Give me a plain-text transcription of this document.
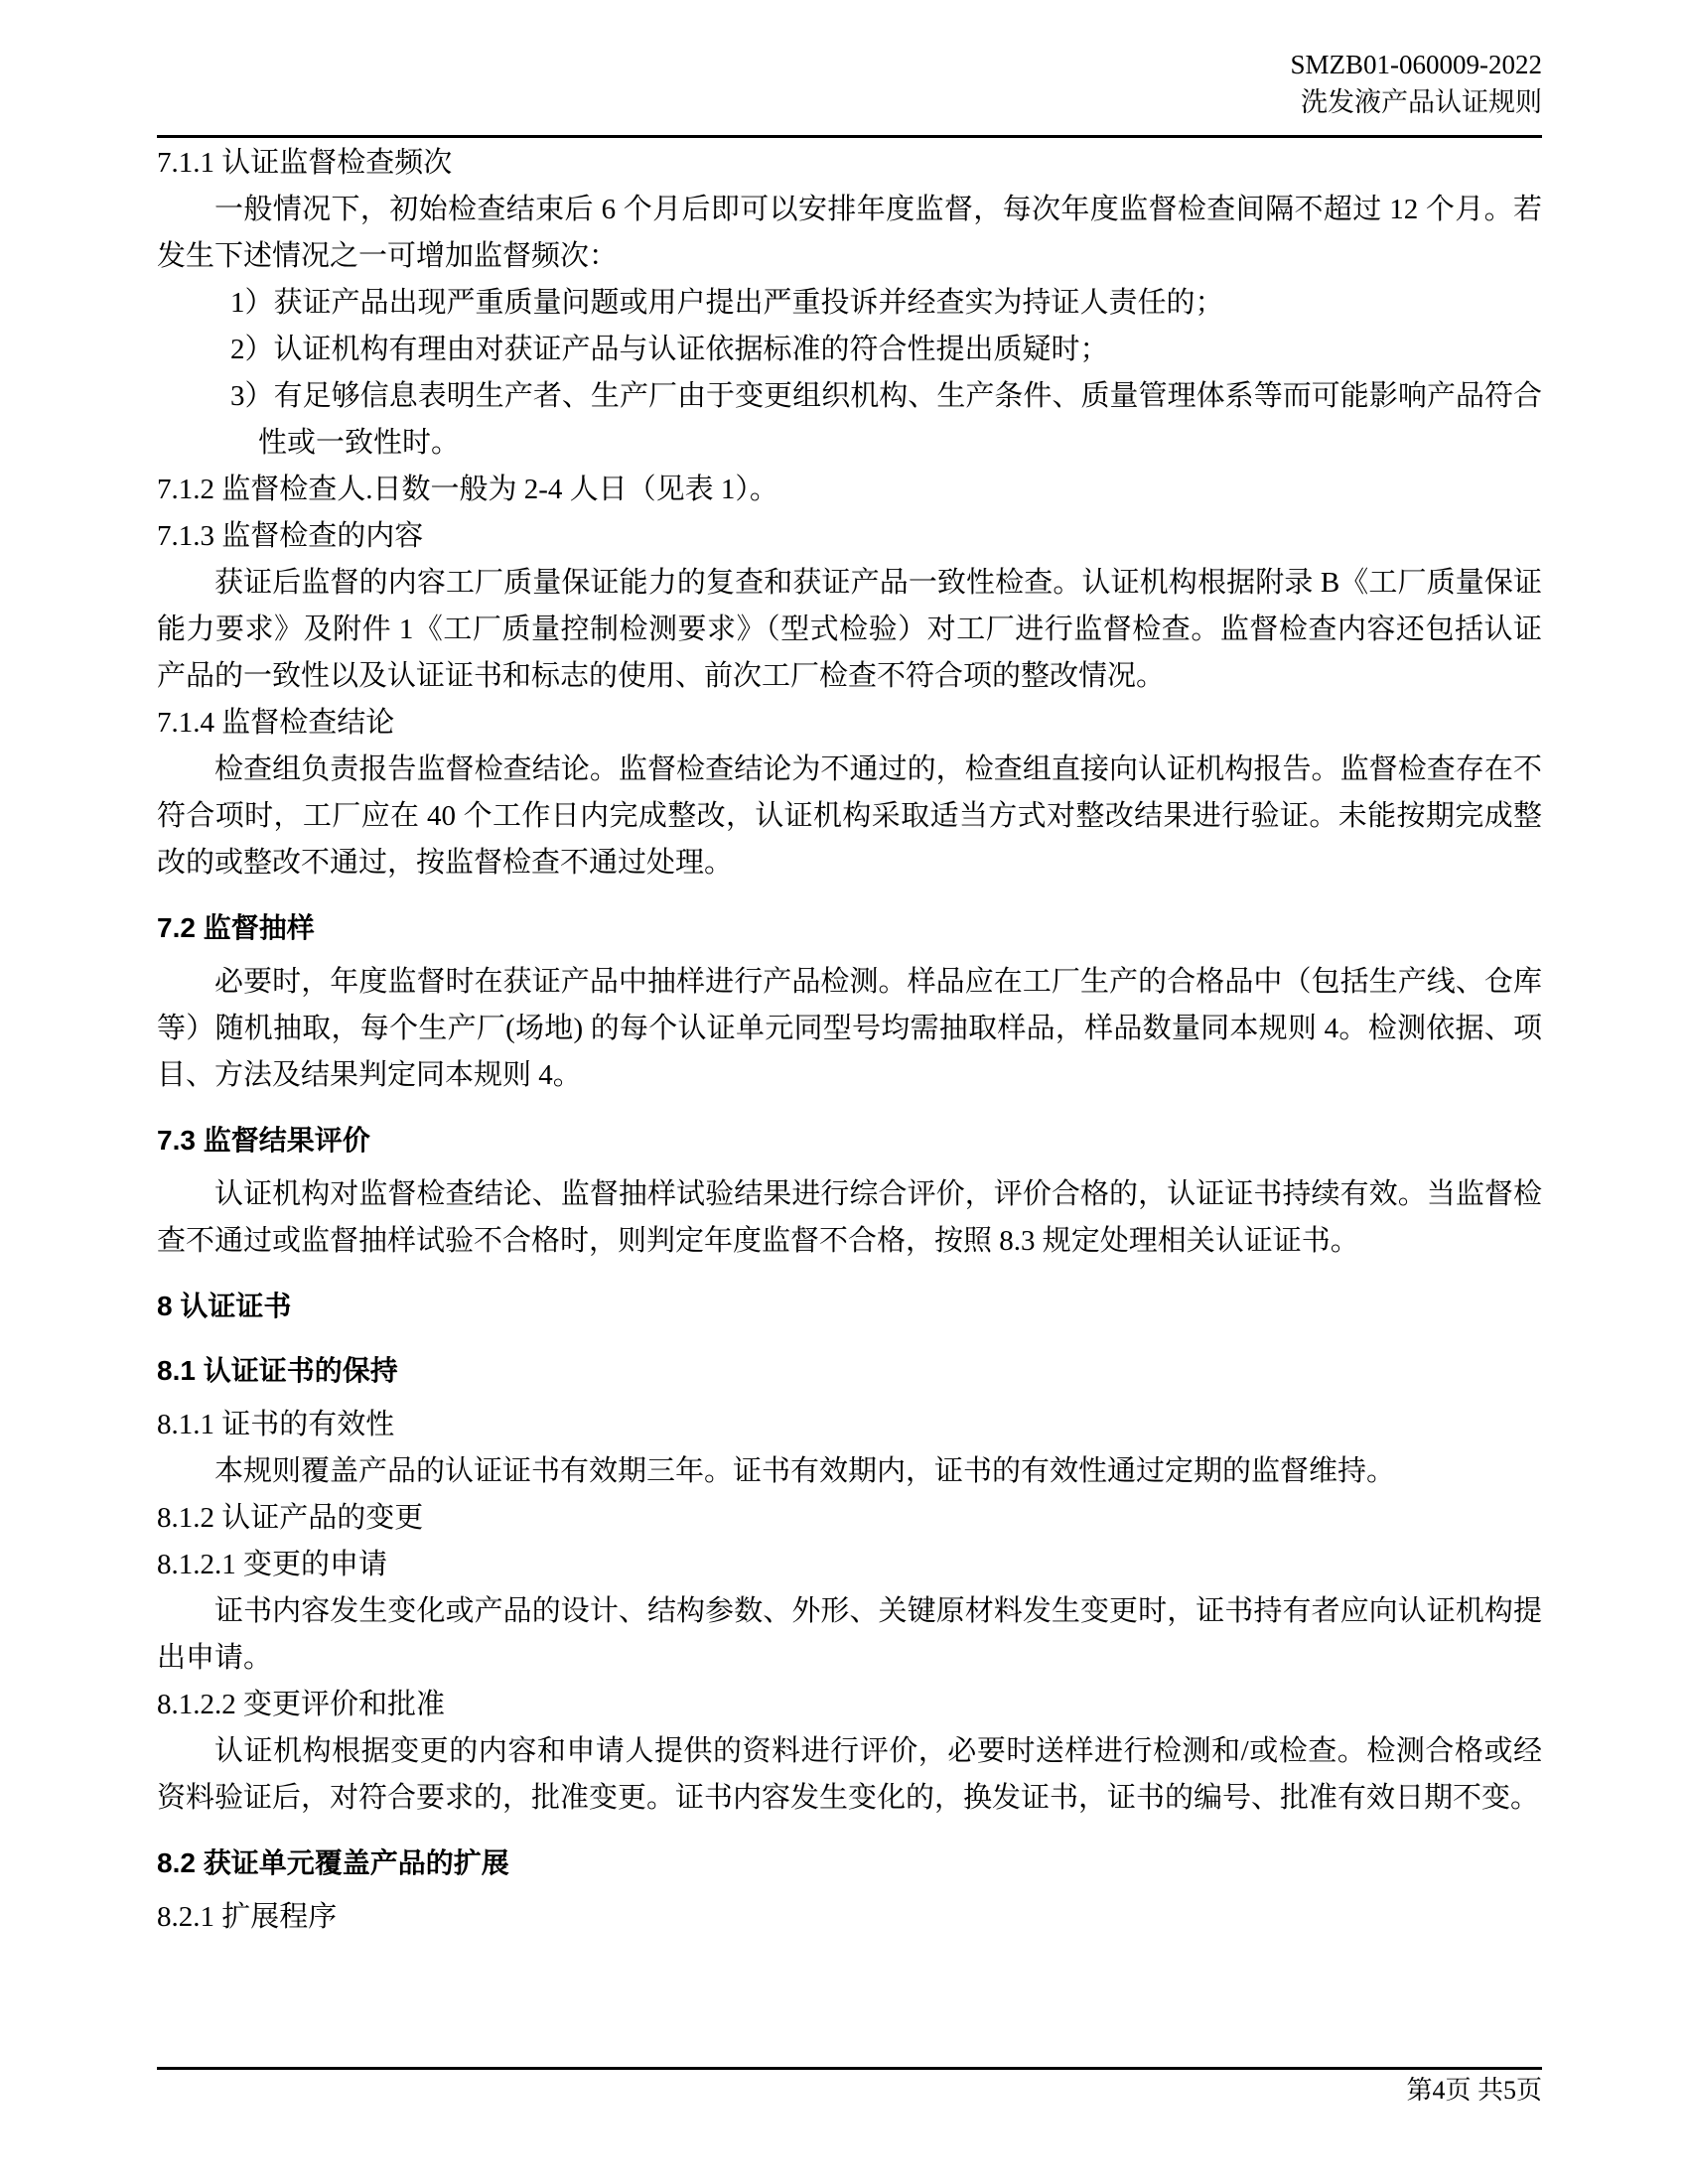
SMZB01-060009-2022
洗发液产品认证规则
7.1.1 认证监督检查频次
一般情况下，初始检查结束后 6 个月后即可以安排年度监督，每次年度监督检查间隔不超过 12 个月。若发生下述情况之一可增加监督频次：
1）获证产品出现严重质量问题或用户提出严重投诉并经查实为持证人责任的；
2）认证机构有理由对获证产品与认证依据标准的符合性提出质疑时；
3）有足够信息表明生产者、生产厂由于变更组织机构、生产条件、质量管理体系等而可能影响产品符合性或一致性时。
7.1.2 监督检查人.日数一般为 2-4 人日（见表 1）。
7.1.3 监督检查的内容
获证后监督的内容工厂质量保证能力的复查和获证产品一致性检查。认证机构根据附录 B《工厂质量保证能力要求》及附件 1《工厂质量控制检测要求》（型式检验）对工厂进行监督检查。监督检查内容还包括认证产品的一致性以及认证证书和标志的使用、前次工厂检查不符合项的整改情况。
7.1.4 监督检查结论
检查组负责报告监督检查结论。监督检查结论为不通过的，检查组直接向认证机构报告。监督检查存在不符合项时，工厂应在 40 个工作日内完成整改，认证机构采取适当方式对整改结果进行验证。未能按期完成整改的或整改不通过，按监督检查不通过处理。
7.2 监督抽样
必要时，年度监督时在获证产品中抽样进行产品检测。样品应在工厂生产的合格品中（包括生产线、仓库等）随机抽取，每个生产厂(场地) 的每个认证单元同型号均需抽取样品，样品数量同本规则 4。检测依据、项目、方法及结果判定同本规则 4。
7.3 监督结果评价
认证机构对监督检查结论、监督抽样试验结果进行综合评价，评价合格的，认证证书持续有效。当监督检查不通过或监督抽样试验不合格时，则判定年度监督不合格，按照 8.3 规定处理相关认证证书。
8 认证证书
8.1 认证证书的保持
8.1.1 证书的有效性
本规则覆盖产品的认证证书有效期三年。证书有效期内，证书的有效性通过定期的监督维持。
8.1.2 认证产品的变更
8.1.2.1 变更的申请
证书内容发生变化或产品的设计、结构参数、外形、关键原材料发生变更时，证书持有者应向认证机构提出申请。
8.1.2.2 变更评价和批准
认证机构根据变更的内容和申请人提供的资料进行评价，必要时送样进行检测和/或检查。检测合格或经资料验证后，对符合要求的，批准变更。证书内容发生变化的，换发证书，证书的编号、批准有效日期不变。
8.2 获证单元覆盖产品的扩展
8.2.1 扩展程序
第4页 共5页
